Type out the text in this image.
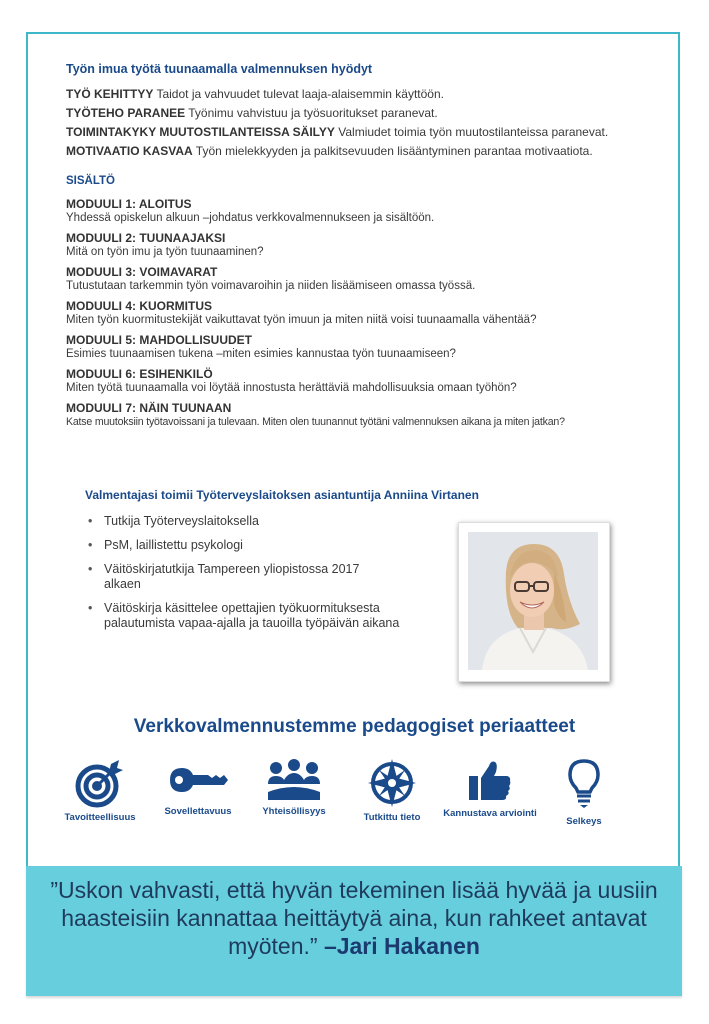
Työn imua työtä tuunaamalla valmennuksen hyödyt

TYÖ KEHITTYY Taidot ja vahvuudet tulevat laaja-alaisemmin käyttöön.

TYÖTEHO PARANEE Työnimu vahvistuu ja työsuoritukset paranevat.

TOIMINTAKYKY MUUTOSTILANTEISSA SÄILYY Valmiudet toimia työn muutostilanteissa paranevat.

MOTIVAATIO KASVAA Työn mielekkyyden ja palkitsevuuden lisääntyminen parantaa motivaatiota.

SISÄLTÖ
MODUULI 1: ALOITUS
Yhdessä opiskelun alkuun –johdatus verkkovalmennukseen ja sisältöön.
MODUULI 2: TUUNAAJAKSI
Mitä on työn imu ja työn tuunaaminen?
MODUULI 3: VOIMAVARAT
Tutustutaan tarkemmin työn voimavaroihin ja niiden lisäämiseen omassa työssä.
MODUULI 4: KUORMITUS
Miten työn kuormitustekijät vaikuttavat työn imuun ja miten niitä voisi tuunaamalla vähentää?
MODUULI 5: MAHDOLLISUUDET
Esimies tuunaamisen tukena –miten esimies kannustaa työn tuunaamiseen?
MODUULI 6: ESIHENKILÖ
Miten työtä tuunaamalla voi löytää innostusta herättäviä mahdollisuuksia omaan työhön?
MODUULI 7: NÄIN TUUNAAN
Katse muutoksiin työtavoissani ja tulevaan. Miten olen tuunannut työtäni valmennuksen aikana ja miten jatkan?
Valmentajasi toimii Työterveyslaitoksen asiantuntija Anniina Virtanen
• Tutkija Työterveyslaitoksella
• PsM, laillistettu psykologi
• Väitöskirjatutkija Tampereen yliopistossa 2017 alkaen
• Väitöskirja käsittelee opettajien työkuormituksesta palautumista vapaa-ajalla ja tauoilla työpäivän aikana
Verkkovalmennustemme pedagogiset periaatteet
Tavoitteellisuus
Sovellettavuus	Yhteisöllisyys
Tutkittu tieto	Kannustava arviointi
Selkeys

”Uskon vahvasti, että hyvän tekeminen lisää hyvää ja uusiin haasteisiin kannattaa heittäytyä aina, kun rahkeet antavat myöten.” –Jari Hakanen
